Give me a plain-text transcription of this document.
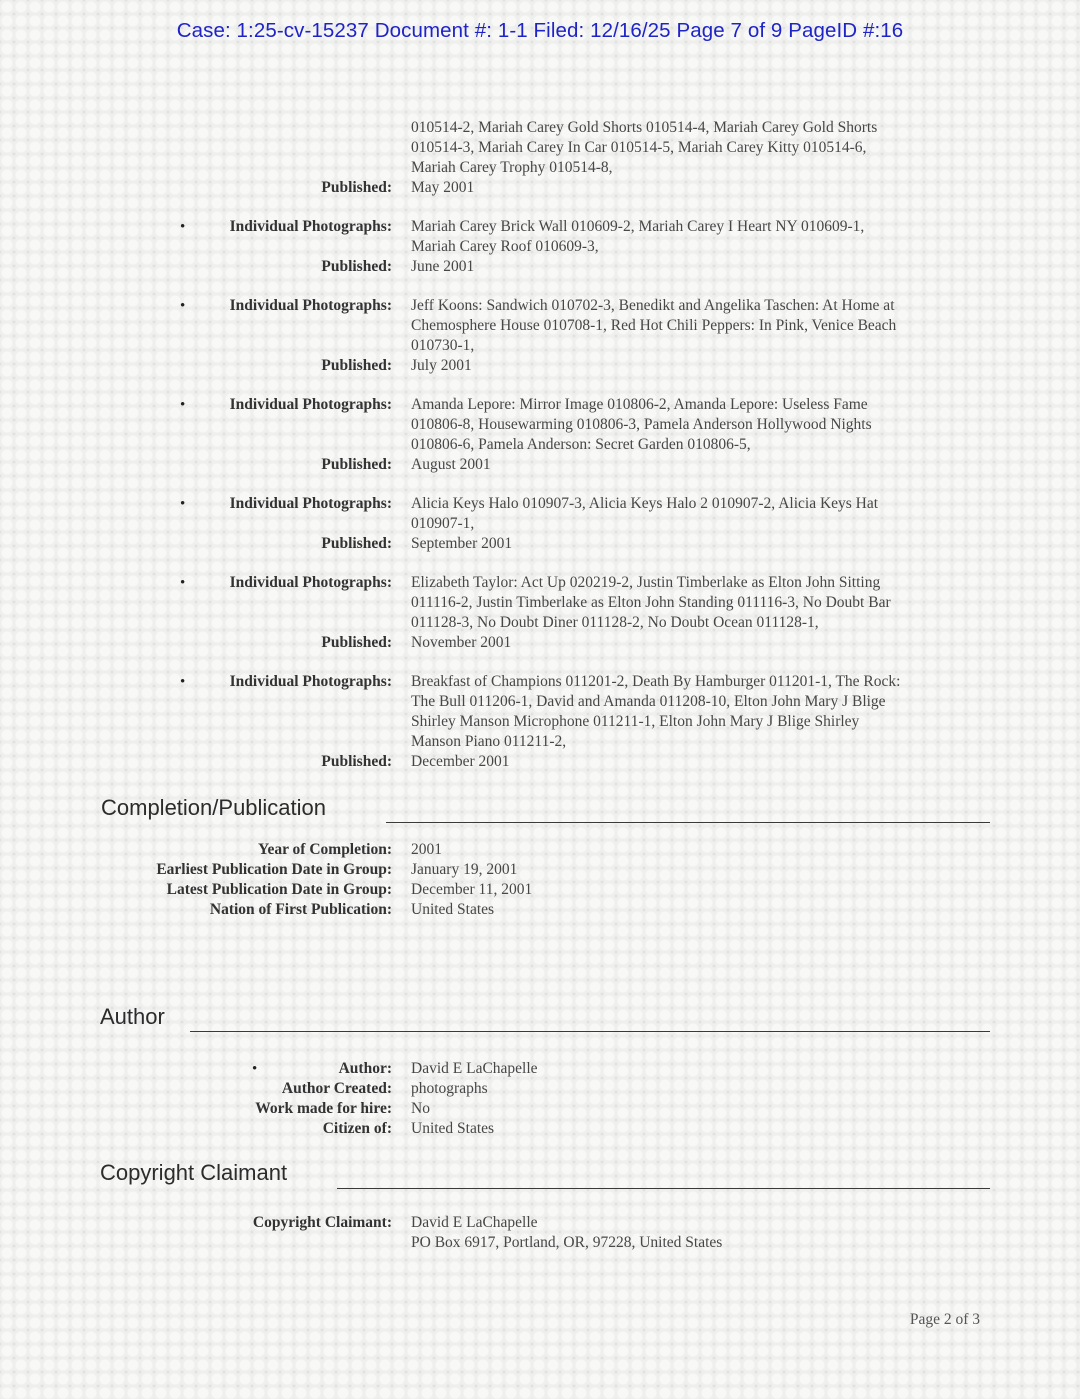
Case: 1:25-cv-15237 Document #: 1-1 Filed: 12/16/25 Page 7 of 9 PageID #:16
010514-2, Mariah Carey Gold Shorts 010514-4, Mariah Carey Gold Shorts
010514-3, Mariah Carey In Car 010514-5, Mariah Carey Kitty 010514-6,
Mariah Carey Trophy 010514-8,
Published: May 2001
•	Individual Photographs: Mariah Carey Brick Wall 010609-2, Mariah Carey I Heart NY 010609-1,
Mariah Carey Roof 010609-3,
Published: June 2001
•	Individual Photographs: Jeff Koons: Sandwich 010702-3, Benedikt and Angelika Taschen: At Home at
Chemosphere House 010708-1, Red Hot Chili Peppers: In Pink, Venice Beach
010730-1,
Published: July 2001
•	Individual Photographs: Amanda Lepore: Mirror Image 010806-2, Amanda Lepore: Useless Fame
010806-8, Housewarming 010806-3, Pamela Anderson Hollywood Nights
010806-6, Pamela Anderson: Secret Garden 010806-5,
Published: August 2001
•	Individual Photographs: Alicia Keys Halo 010907-3, Alicia Keys Halo 2 010907-2, Alicia Keys Hat
010907-1,
Published: September 2001
•	Individual Photographs: Elizabeth Taylor: Act Up 020219-2, Justin Timberlake as Elton John Sitting
011116-2, Justin Timberlake as Elton John Standing 011116-3, No Doubt Bar
011128-3, No Doubt Diner 011128-2, No Doubt Ocean 011128-1,
Published: November 2001
•	Individual Photographs: Breakfast of Champions 011201-2, Death By Hamburger 011201-1, The Rock:
The Bull 011206-1, David and Amanda 011208-10, Elton John Mary J Blige
Shirley Manson Microphone 011211-1, Elton John Mary J Blige Shirley
Manson Piano 011211-2,
Published: December 2001
Completion/Publication
Year of Completion: 2001
Earliest Publication Date in Group: January 19, 2001
Latest Publication Date in Group: December 11, 2001
Nation of First Publication: United States
Author
•	Author: David E LaChapelle
Author Created: photographs
Work made for hire: No
Citizen of: United States
Copyright Claimant
Copyright Claimant: David E LaChapelle
PO Box 6917, Portland, OR, 97228, United States
Page 2 of 3
